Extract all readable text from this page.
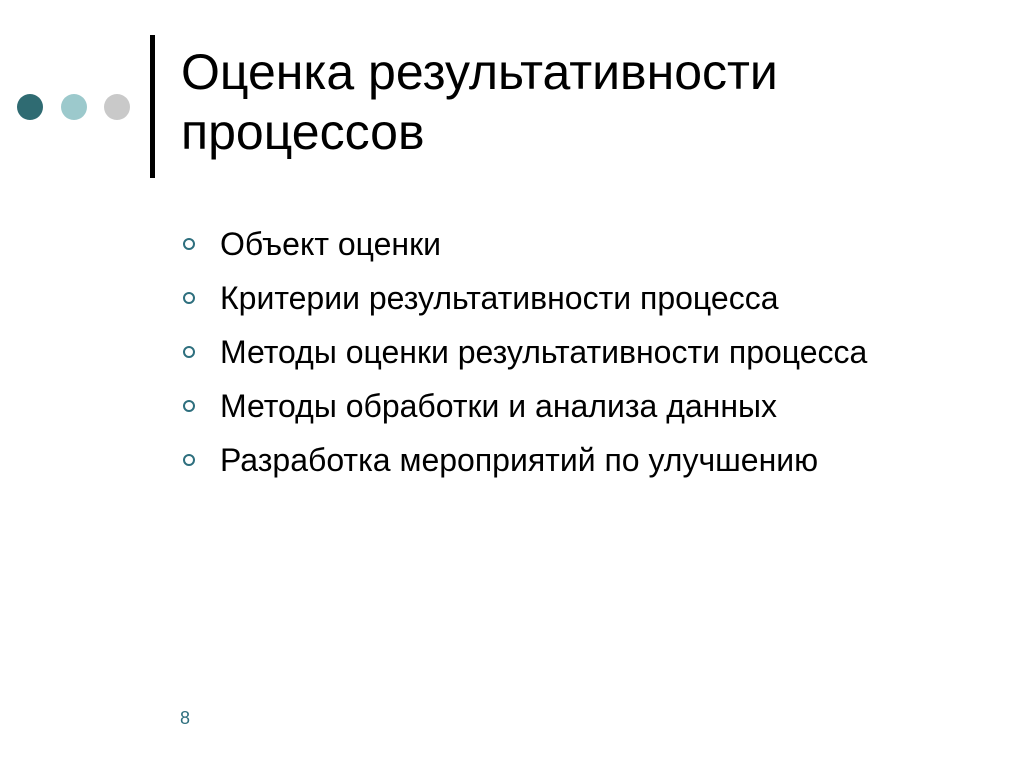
Оценка результативности процессов
Объект оценки
Критерии результативности процесса
Методы оценки результативности процесса
Методы обработки и анализа данных
Разработка мероприятий по улучшению
8
